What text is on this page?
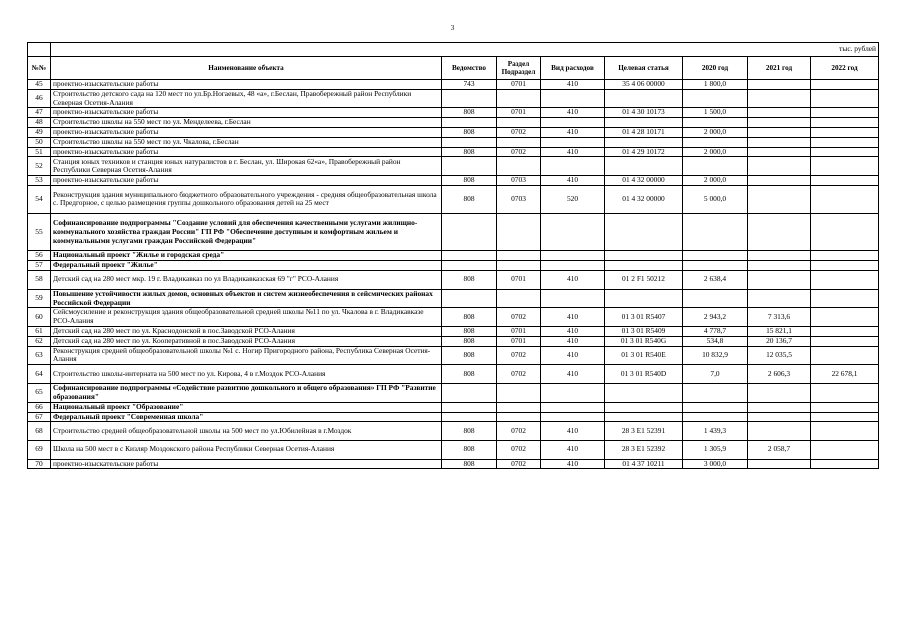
3
	тыс. рублей							
№№	Наименование объекта	Ведомство	Раздел Подраздел	Вид расходов	Целевая статья	2020 год	2021 год	2022 год
45	проектно-изыскательские работы	743	0701	410	35 4 06 00000	1 800,0		
46	Строительство детского сада на 120 мест по ул.Бр.Ногаевых, 48 «а», г.Беслан, Правобережный район Республики Северная Осетия-Алания							
47	проектно-изыскательские работы	808	0701	410	01 4 30 10173	1 500,0		
48	Строительство школы на 550 мест по ул. Менделеева, г.Беслан							
49	проектно-изыскательские работы	808	0702	410	01 4 28 10171	2 000,0		
50	Строительство школы на 550 мест по ул. Чкалова, г.Беслан							
51	проектно-изыскательские работы	808	0702	410	01 4 29 10172	2 000,0		
52	Станция юных техников и станция юных натуралистов в г. Беслан, ул. Широкая 62«а», Правобережный район Республики Северная Осетия-Алания							
53	проектно-изыскательские работы	808	0703	410	01 4 32 00000	2 000,0		
54	Реконструкция здания муниципального бюджетного образовательного учреждения - средняя общеобразовательная школа с. Предгорное, с целью размещения группы дошкольного образования детей на 25 мест	808	0703	520	01 4 32 00000	5 000,0		
55	Софинансирование подпрограммы "Создание условий для обеспечения качественными услугами жилищно-коммунального хозяйства граждан России" ГП РФ "Обеспечение доступным и комфортным жильем и коммунальными услугами граждан Российской Федерации"							
56	Национальный проект "Жилье и городская среда"							
57	Федеральный проект "Жилье"							
58	Детский сад на 280 мест мкр. 19 г. Владикавказ по ул Владикавказская 69 "г" РСО-Алания	808	0701	410	01 2 F1 50212	2 638,4		
59	Повышение устойчивости жилых домов, основных объектов и систем жизнеобеспечения в сейсмических районах Российской Федерации							
60	Сейсмоусиление и реконструкция здания общеобразовательной средней школы №11 по ул. Чкалова в г. Владикавказе РСО-Алания	808	0702	410	01 3 01 R5407	2 943,2	7 313,6	
61	Детский сад на 280 мест по ул. Краснодонской в пос.Заводской РСО-Алания	808	0701	410	01 3 01 R5409	4 778,7	15 821,1	
62	Детский сад на 280 мест по ул. Кооперативной в пос.Заводской РСО-Алания	808	0701	410	01 3 01 R540G	534,8	20 136,7	
63	Реконструкция средней общеобразовательной школы №1 с. Ногир Пригородного района, Республика Северная Осетия-Алания	808	0702	410	01 3 01 R540E	10 832,9	12 035,5	
64	Строительство школы-интерната на 500 мест по ул. Кирова, 4 в г.Моздок РСО-Алания	808	0702	410	01 3 01 R540D	7,0	2 606,3	22 678,1
65	Софинансирование подпрограммы «Содействие развитию дошкольного и общего образования» ГП РФ "Развитие образования"							
66	Национальный проект "Образование"							
67	Федеральный проект "Современная школа"							
68	Строительство средней общеобразовательной школы на 500 мест по ул.Юбилейная в г.Моздок	808	0702	410	28 3 E1 52391	1 439,3		
69	Школа на 500 мест в с Кизляр Моздокского района Республики Северная Осетия-Алания	808	0702	410	28 3 E1 52392	1 305,9	2 058,7	
70	проектно-изыскательские работы	808	0702	410	01 4 37 10211	3 000,0		
